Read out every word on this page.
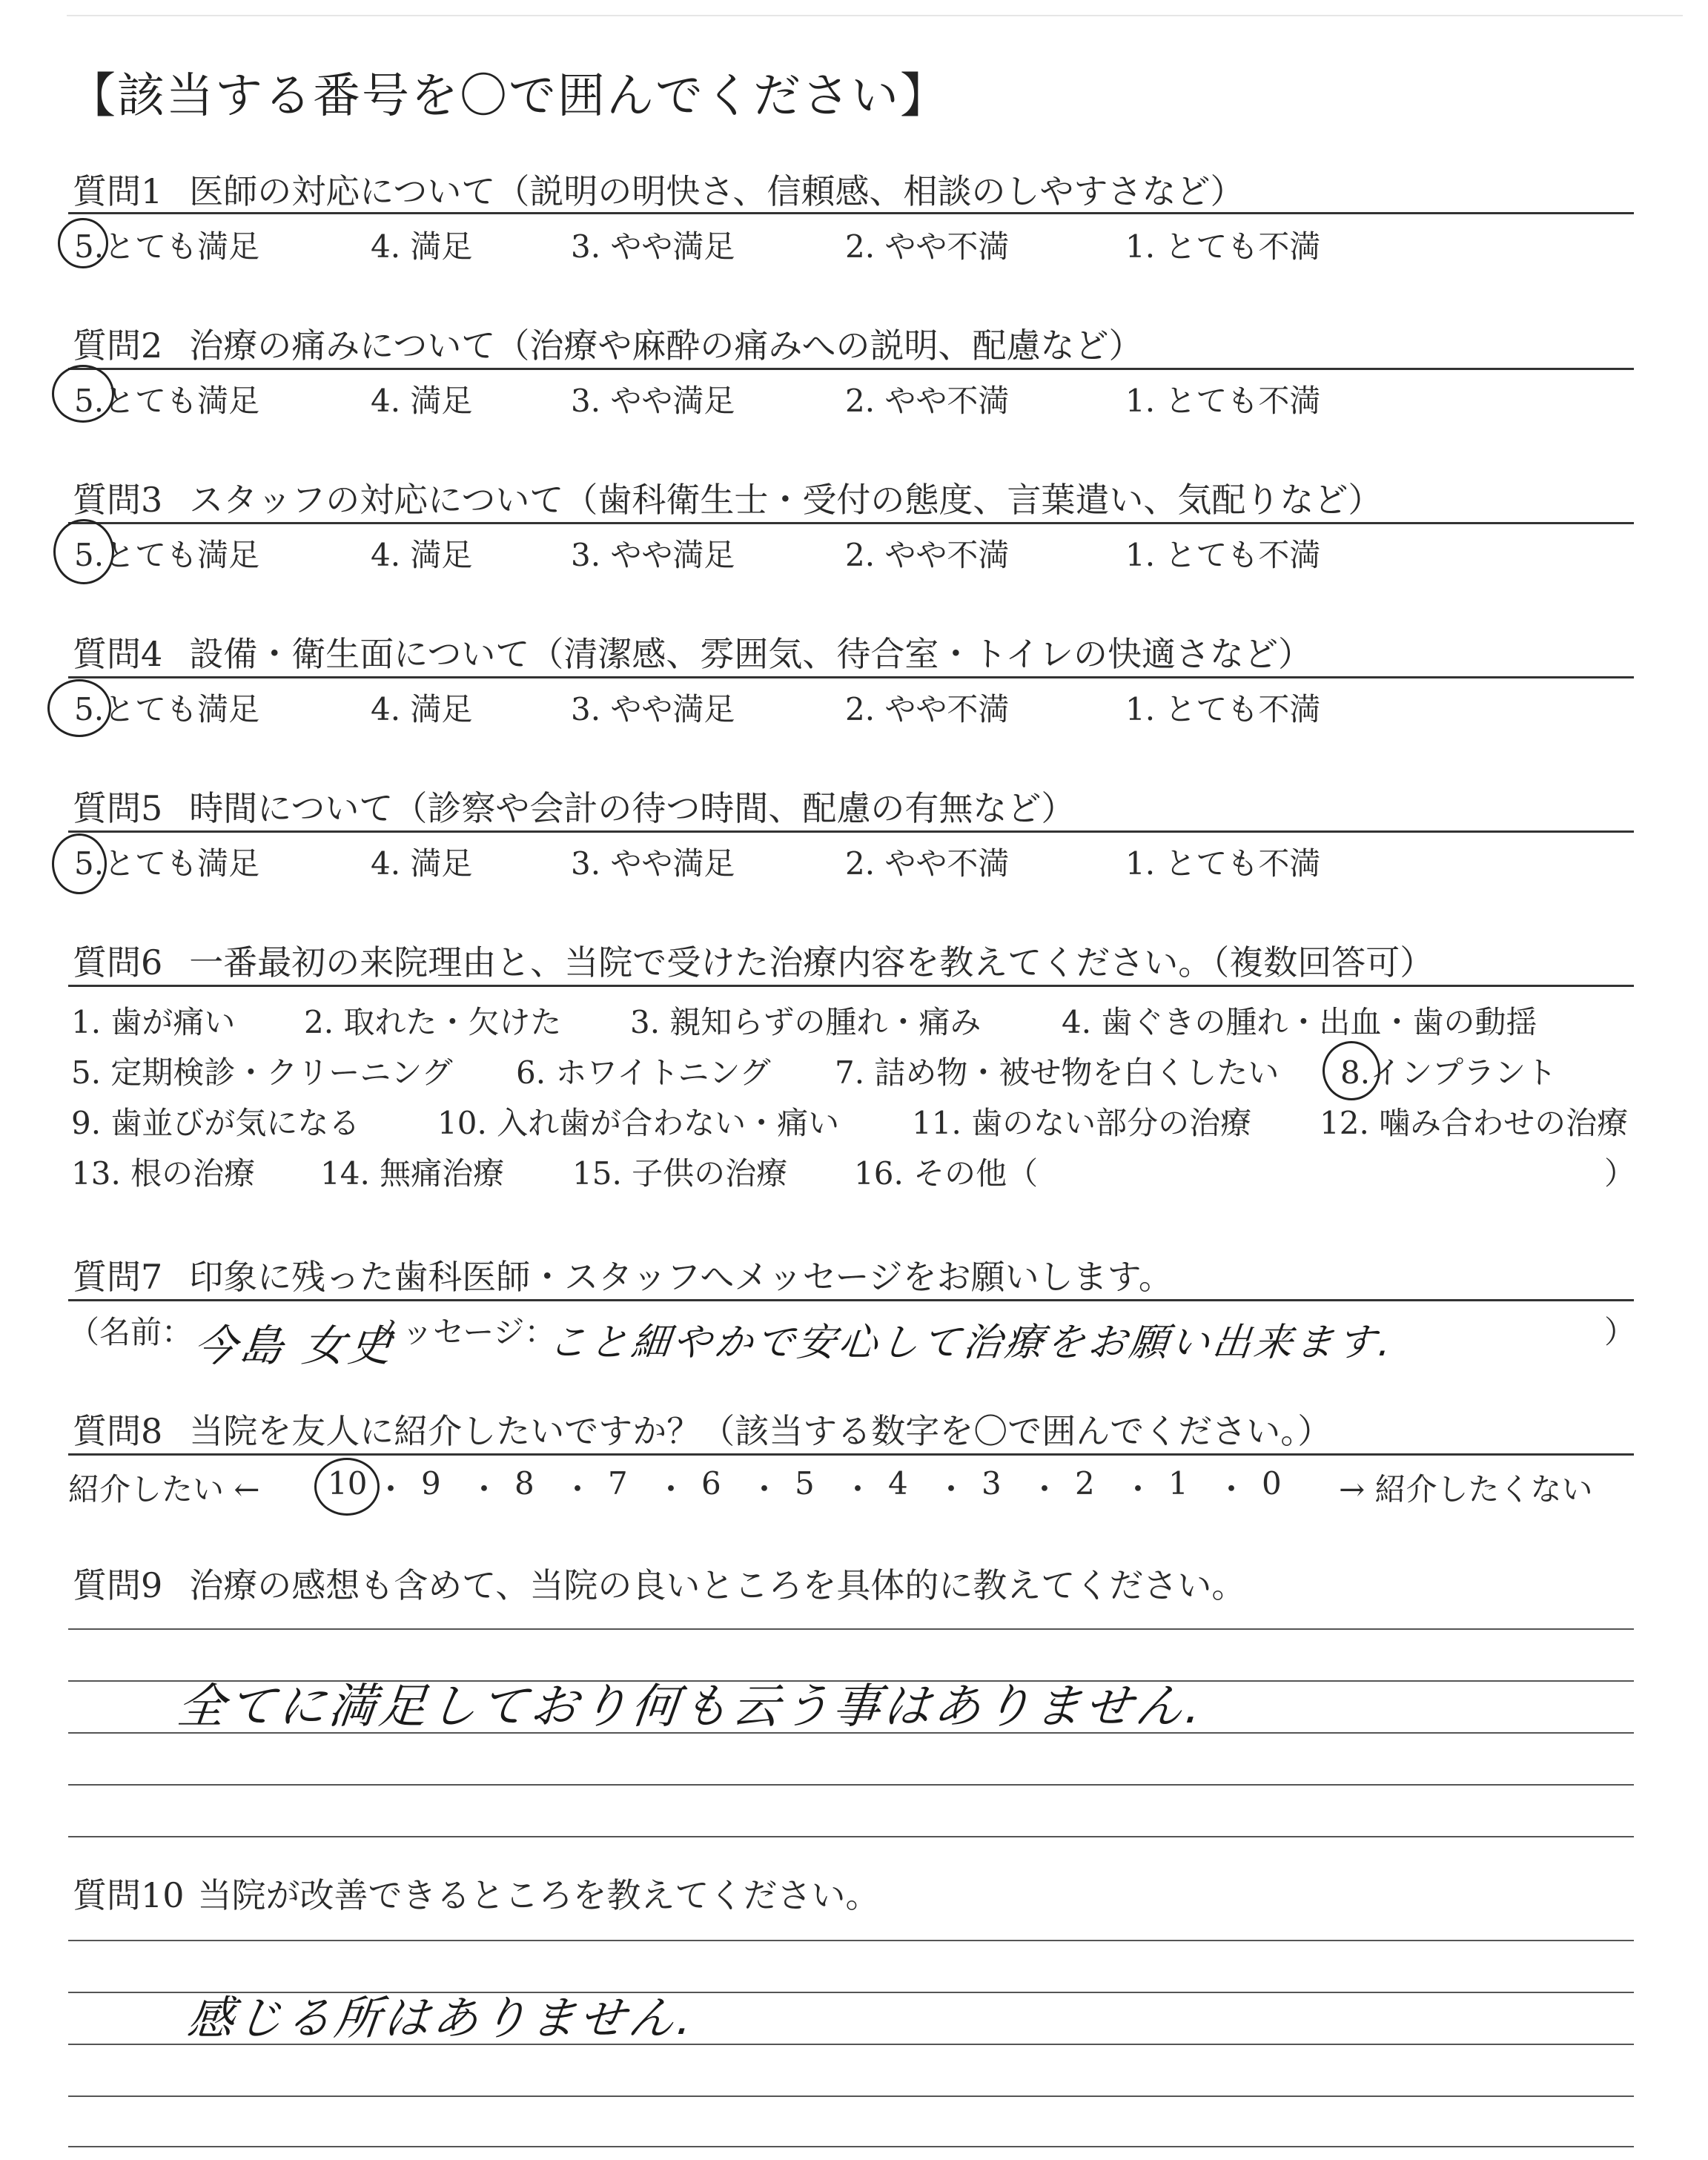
【該当する番号を〇で囲んでください】
質問1 医師の対応について（説明の明快さ、信頼感、相談のしやすさなど）
5.とても満足	4. 満足	3. やや満足	2. やや不満	1. とても不満
質問2 治療の痛みについて（治療や麻酔の痛みへの説明、配慮など）
5.とても満足	4. 満足	3. やや満足	2. やや不満	1. とても不満
質問3 スタッフの対応について（歯科衛生士・受付の態度、言葉遣い、気配りなど）
5.とても満足	4. 満足	3. やや満足	2. やや不満	1. とても不満
質問4 設備・衛生面について（清潔感、雰囲気、待合室・トイレの快適さなど）
5.とても満足	4. 満足	3. やや満足	2. やや不満	1. とても不満
質問5 時間について（診察や会計の待つ時間、配慮の有無など）
5.とても満足	4. 満足	3. やや満足	2. やや不満	1. とても不満
質問6 一番最初の来院理由と、当院で受けた治療内容を教えてください。（複数回答可）
1. 歯が痛い 2. 取れた・欠けた 3. 親知らずの腫れ・痛み	4. 歯ぐきの腫れ・出血・歯の動揺
5. 定期検診・クリーニング 6. ホワイトニング 7. 詰め物・被せ物を白くしたい 8.インプラント
9. 歯並びが気になる 10. 入れ歯が合わない・痛い 11. 歯のない部分の治療 12. 噛み合わせの治療
13. 根の治療 14. 無痛治療 15. 子供の治療 16. その他（	）
質問7 印象に残った歯科医師・スタッフへメッセージをお願いします。
（名前：
今島 女史
メッセージ：
こと細やかで安心して治療をお願い出来ます.	）
質問8 当院を友人に紹介したいですか？（該当する数字を〇で囲んでください。）
紹介したい ← 10 ・ 9 ・ 8 ・ 7 ・ 6 ・ 5 ・ 4 ・ 3 ・ 2 ・ 1 ・ 0 → 紹介したくない
質問9 治療の感想も含めて、当院の良いところを具体的に教えてください。
全てに満足しており何も云う事はありません.
質問10 当院が改善できるところを教えてください。
感じる所はありません.
